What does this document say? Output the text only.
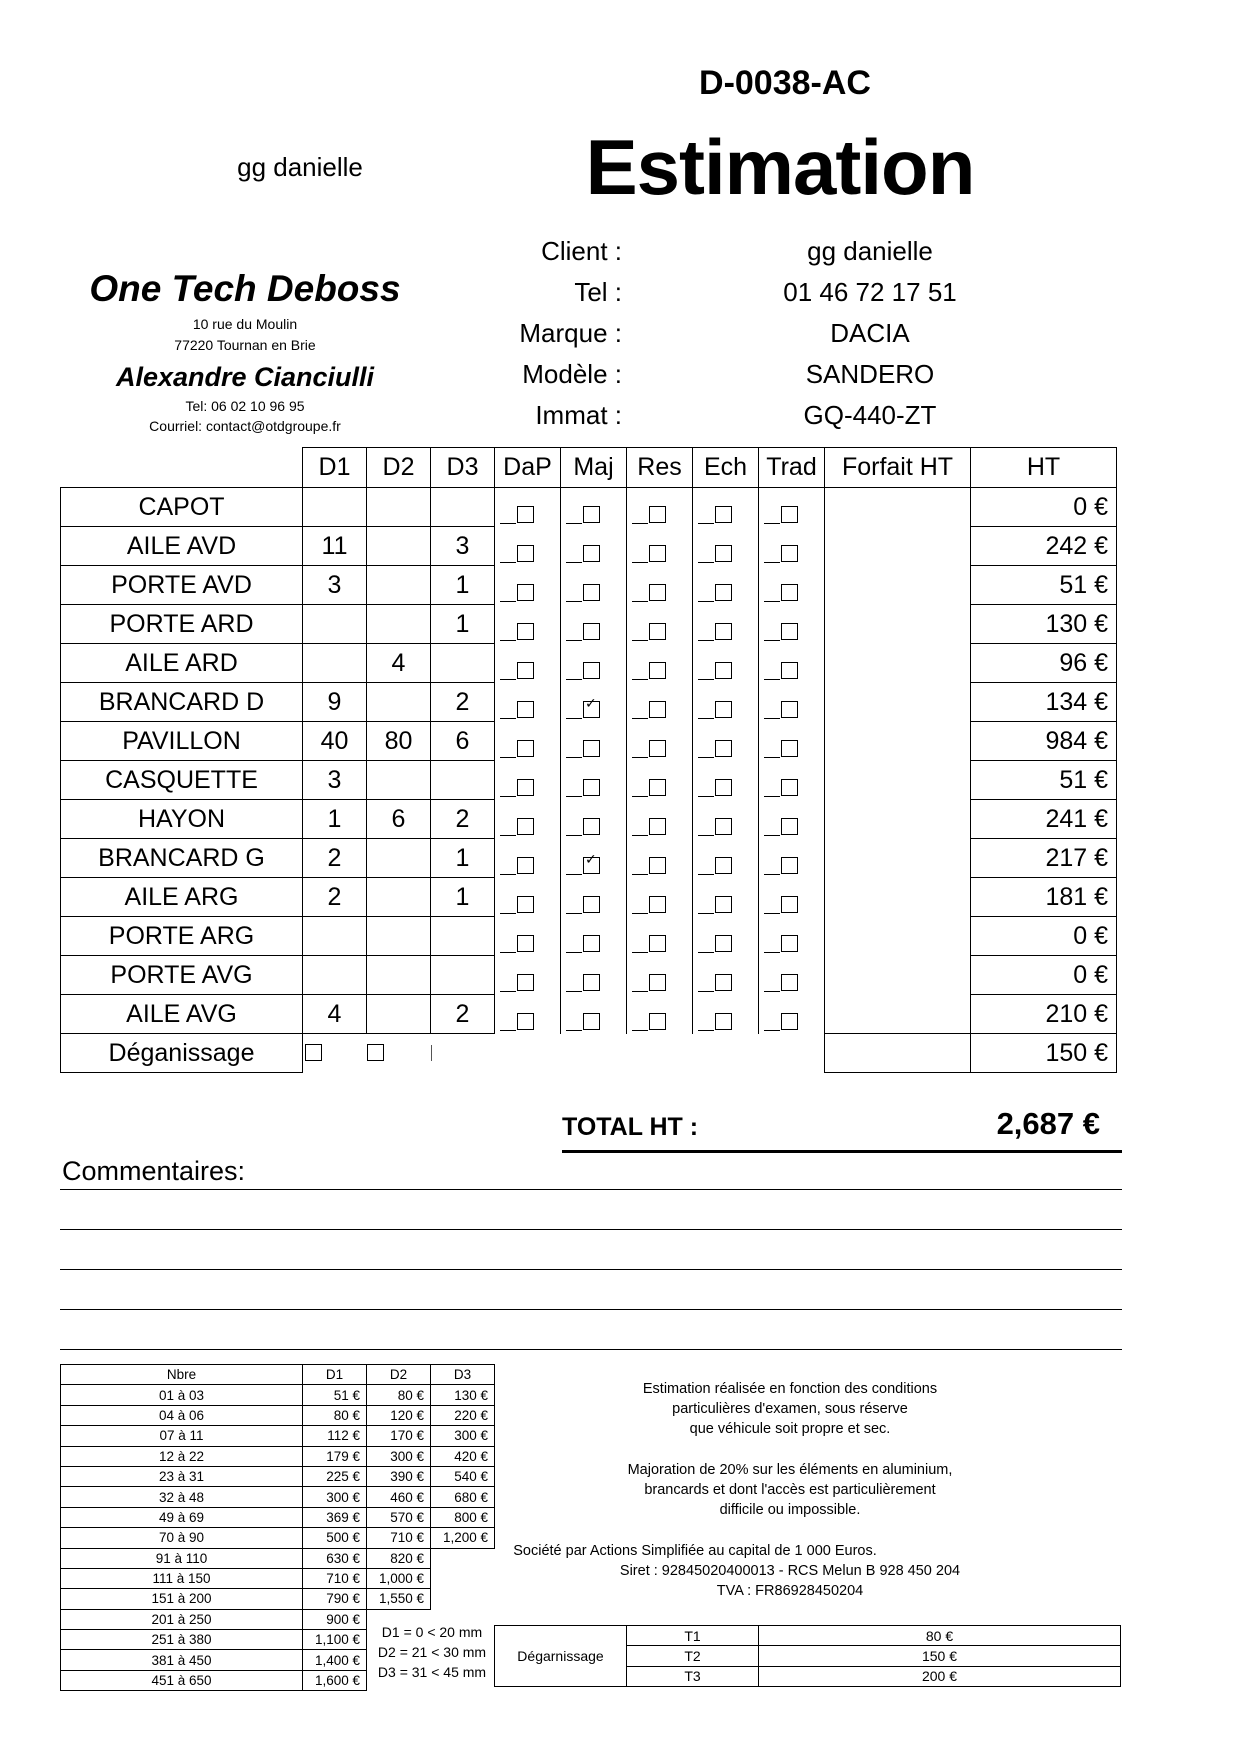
D-0038-AC
Estimation
gg danielle
One Tech Deboss
10 rue du Moulin
77220 Tournan en Brie
Alexandre Cianciulli
Tel: 06 02 10 96 95
Courriel: contact@otdgroupe.fr
Client :	gg danielle
Tel :	01 46 72 17 51
Marque :	DACIA
Modèle :	SANDERO
Immat :	GQ-440-ZT
	D1	D2	D3	DaP	Maj	Res	Ech	Trad	Forfait HT	HT
CAPOT										0 €
AILE AVD	11		3							242 €
PORTE AVD	3		1							51 €
PORTE ARD			1							130 €
AILE ARD		4								96 €
BRANCARD D	9		2		✓					134 €
PAVILLON	40	80	6							984 €
CASQUETTE	3									51 €
HAYON	1	6	2							241 €
BRANCARD G	2		1		✓					217 €
AILE ARG	2		1							181 €
PORTE ARG										0 €
PORTE AVG										0 €
AILE AVG	4		2							210 €
Déganissage										150 €
TOTAL HT :	2,687 €
Commentaires:
Nbre	D1	D2	D3
01 à 03	51 €	80 €	130 €
04 à 06	80 €	120 €	220 €
07 à 11	112 €	170 €	300 €
12 à 22	179 €	300 €	420 €
23 à 31	225 €	390 €	540 €
32 à 48	300 €	460 €	680 €
49 à 69	369 €	570 €	800 €
70 à 90	500 €	710 €	1,200 €
91 à 110	630 €	820 €	
111 à 150	710 €	1,000 €	
151 à 200	790 €	1,550 €	
201 à 250	900 €		
251 à 380	1,100 €		
381 à 450	1,400 €		
451 à 650	1,600 €		
D1 = 0 < 20 mm
D2 = 21 < 30 mm
D3 = 31 < 45 mm
Estimation réalisée en fonction des conditions
particulières d'examen, sous réserve
que véhicule soit propre et sec.
Majoration de 20% sur les éléments en aluminium,
brancards et dont l'accès est particulièrement
difficile ou impossible.
Société par Actions Simplifiée au capital de 1 000 Euros.
Siret : 92845020400013 - RCS Melun B 928 450 204
TVA : FR86928450204
Dégarnissage	T1	80 €
	T2	150 €
	T3	200 €
